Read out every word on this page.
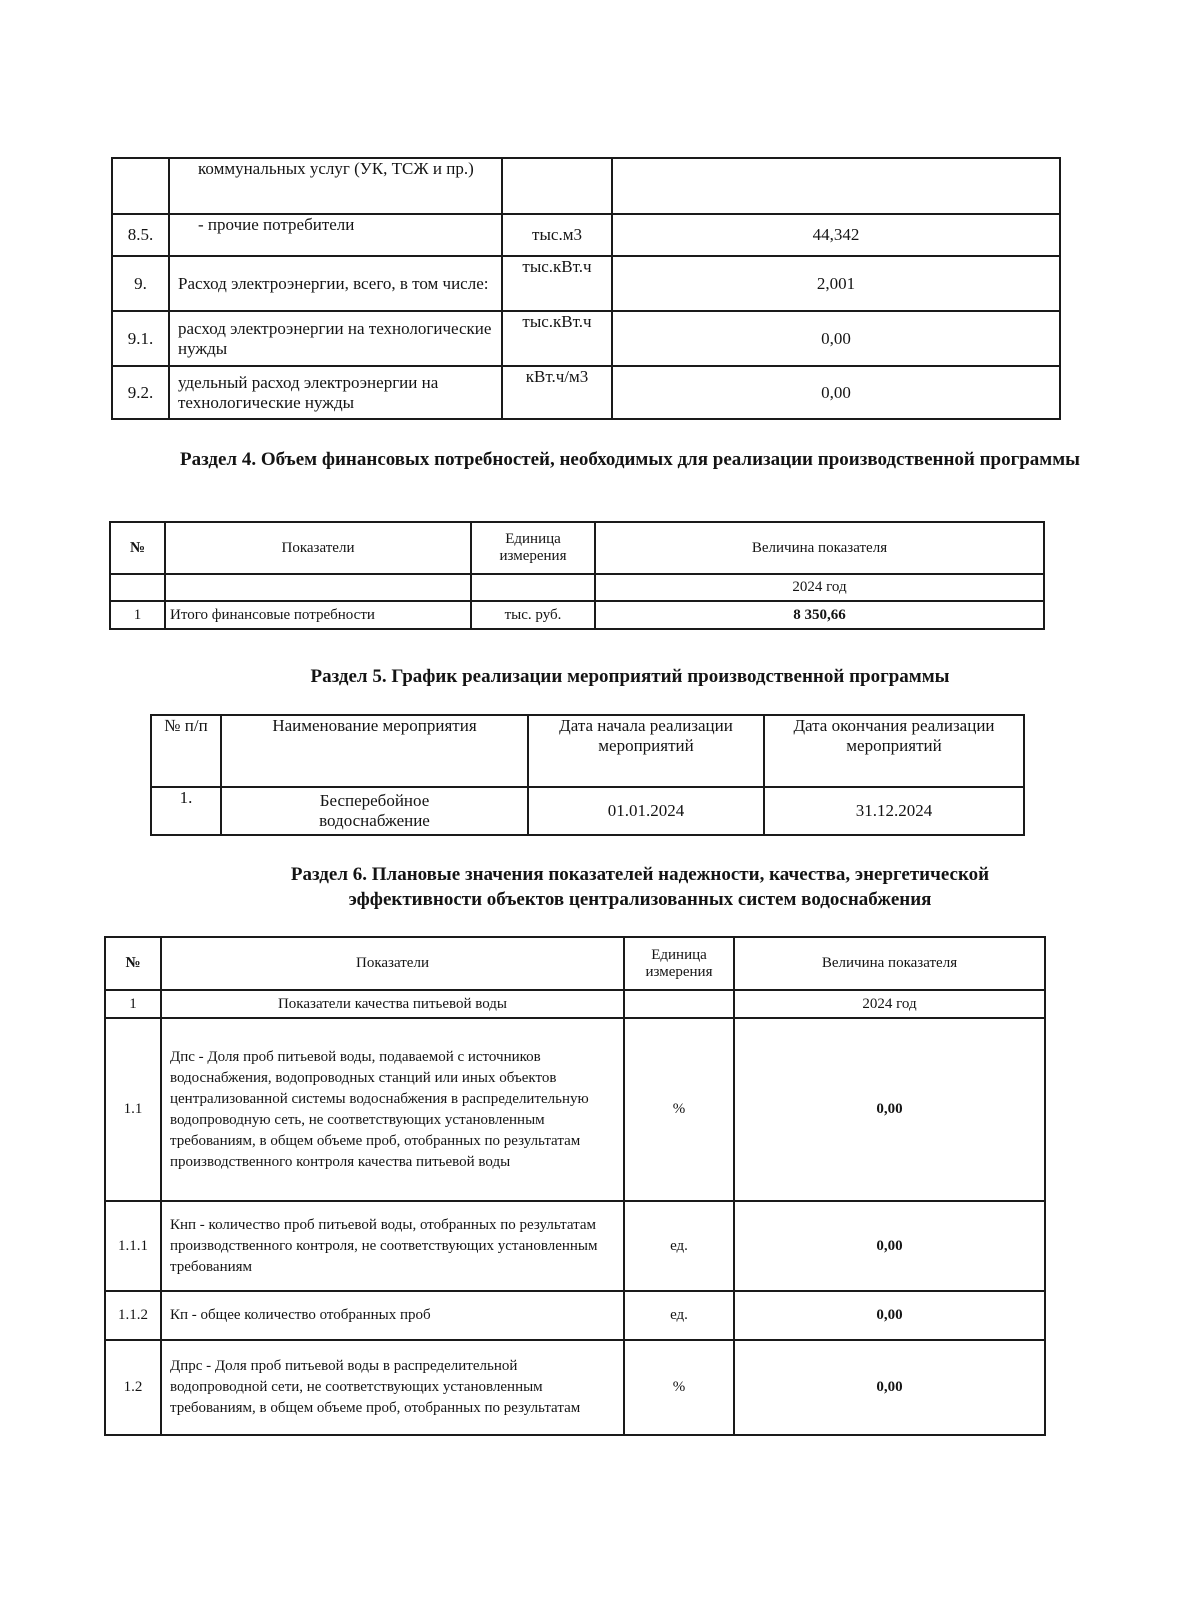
	коммунальных услуг (УК, ТСЖ и пр.)		
8.5.	- прочие потребители	тыс.м3	44,342
9.	Расход электроэнергии, всего, в том числе:	тыс.кВт.ч	2,001
9.1.	расход электроэнергии на технологические нужды	тыс.кВт.ч	0,00
9.2.	удельный расход электроэнергии на технологические нужды	кВт.ч/м3	0,00
Раздел 4. Объем финансовых потребностей, необходимых для реализации производственной программы
№	Показатели	Единица измерения	Величина показателя
			2024 год
1	Итого финансовые потребности	тыс. руб.	8 350,66
Раздел 5. График реализации мероприятий производственной программы
№ п/п	Наименование мероприятия	Дата начала реализации мероприятий	Дата окончания реализации мероприятий
1.	Бесперебойное водоснабжение	01.01.2024	31.12.2024
Раздел 6. Плановые значения показателей надежности, качества, энергетической эффективности объектов централизованных систем водоснабжения
№	Показатели	Единица измерения	Величина показателя
1	Показатели качества питьевой воды		2024 год
1.1	Дпс - Доля проб питьевой воды, подаваемой с источников водоснабжения, водопроводных станций или иных объектов централизованной системы водоснабжения в распределительную водопроводную сеть, не соответствующих установленным требованиям, в общем объеме проб, отобранных по результатам производственного контроля качества питьевой воды	%	0,00
1.1.1	Кнп - количество проб питьевой воды, отобранных по результатам производственного контроля, не соответствующих установленным требованиям	ед.	0,00
1.1.2	Кп - общее количество отобранных проб	ед.	0,00
1.2	Дпрс - Доля проб питьевой воды в распределительной водопроводной сети, не соответствующих установленным требованиям, в общем объеме проб, отобранных по результатам	%	0,00
